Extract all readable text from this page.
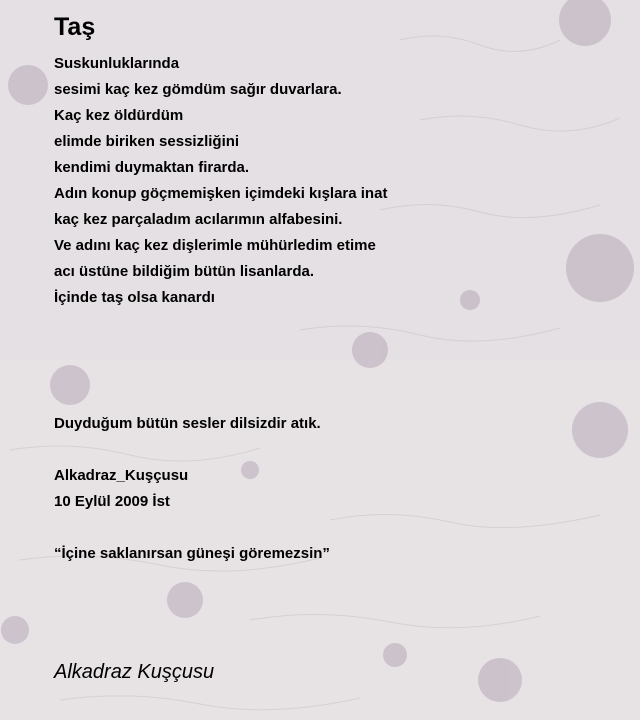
Taş
Suskunluklarında
sesimi kaç kez gömdüm sağır duvarlara.
Kaç kez öldürdüm
elimde biriken sessizliğini
kendimi duymaktan firarda.
Adın konup göçmemişken içimdeki kışlara inat
kaç kez parçaladım acılarımın alfabesini.
Ve adını kaç kez dişlerimle mühürledim etime
acı üstüne bildiğim bütün lisanlarda.
İçinde taş olsa kanardı
Duyduğum bütün sesler dilsizdir atık.
Alkadraz_Kuşçusu
10 Eylül 2009 İst
“İçine saklanırsan güneşi göremezsin”
Alkadraz Kuşçusu
